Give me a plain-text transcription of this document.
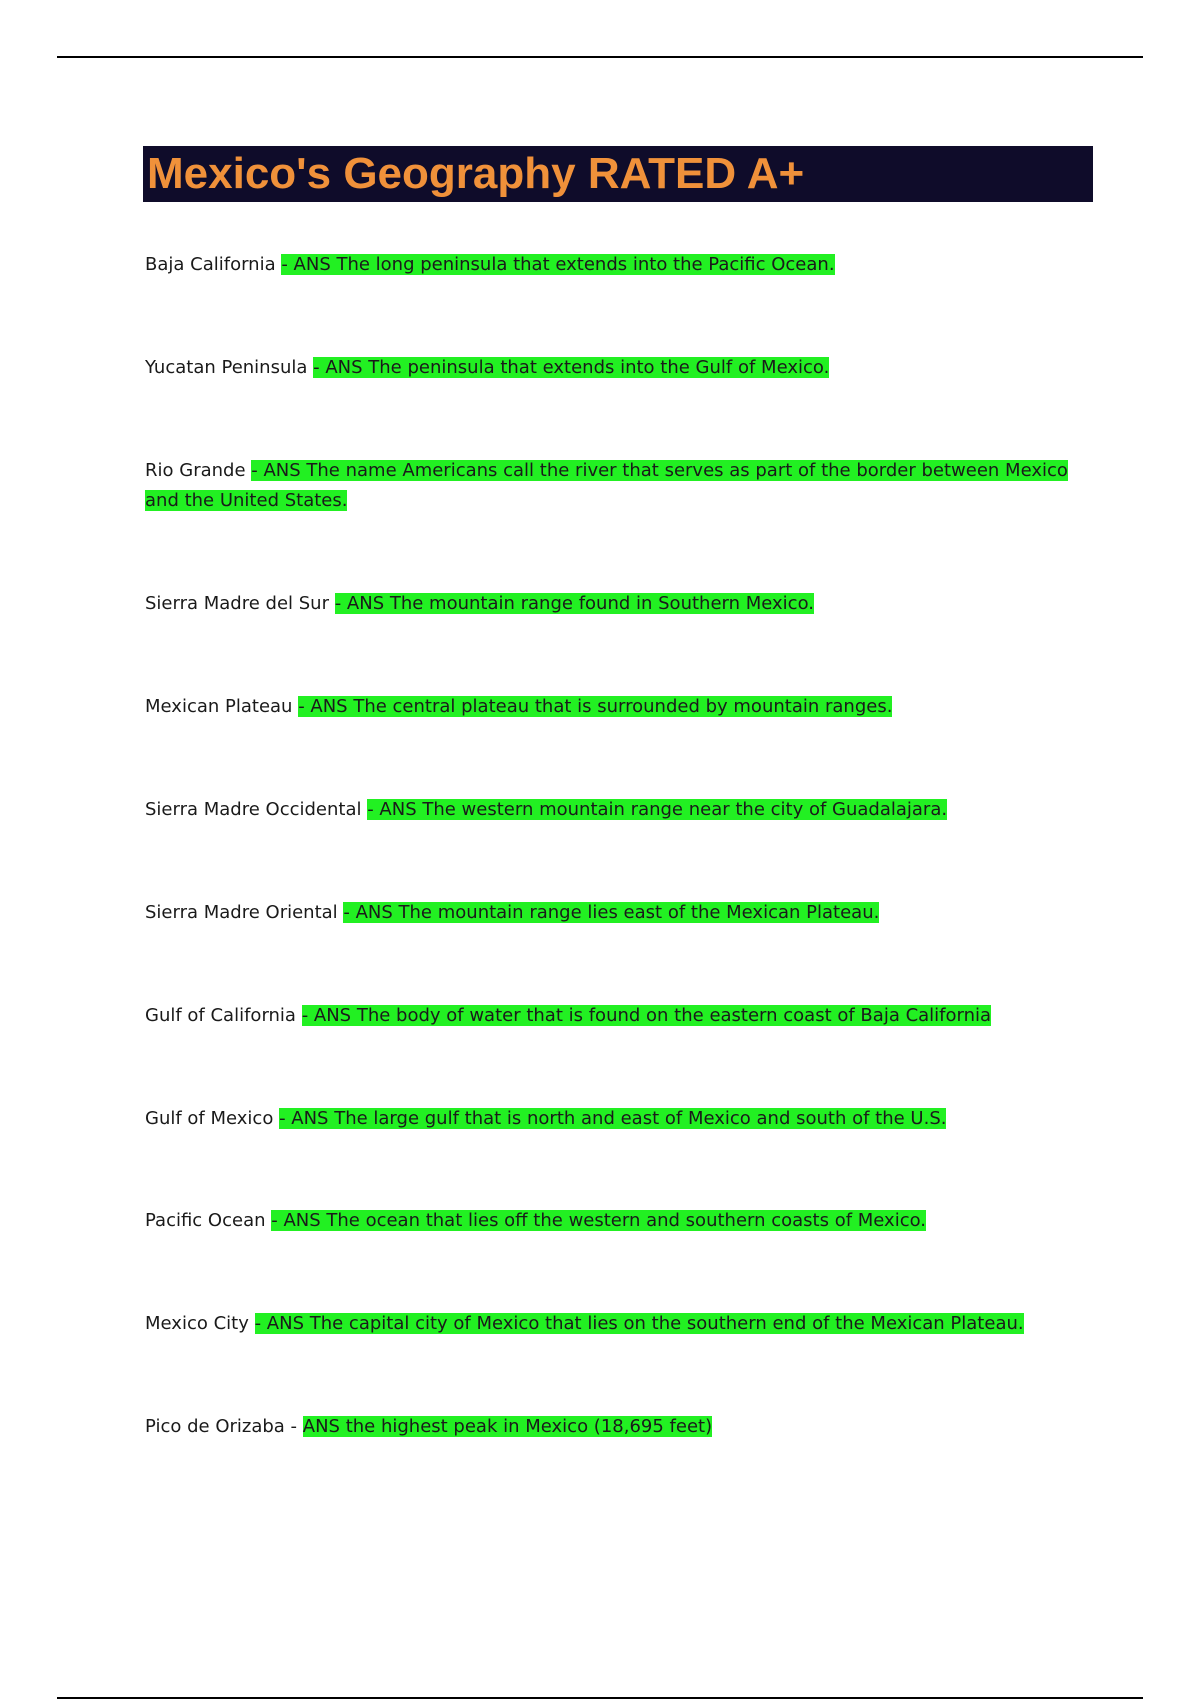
Mexico's Geography RATED A+
Baja California - ANS The long peninsula that extends into the Pacific Ocean.
Yucatan Peninsula - ANS The peninsula that extends into the Gulf of Mexico.
Rio Grande - ANS The name Americans call the river that serves as part of the border between Mexico and the United States.
Sierra Madre del Sur - ANS The mountain range found in Southern Mexico.
Mexican Plateau - ANS The central plateau that is surrounded by mountain ranges.
Sierra Madre Occidental - ANS The western mountain range near the city of Guadalajara.
Sierra Madre Oriental - ANS The mountain range lies east of the Mexican Plateau.
Gulf of California - ANS The body of water that is found on the eastern coast of Baja California
Gulf of Mexico - ANS The large gulf that is north and east of Mexico and south of the U.S.
Pacific Ocean - ANS The ocean that lies off the western and southern coasts of Mexico.
Mexico City - ANS The capital city of Mexico that lies on the southern end of the Mexican Plateau.
Pico de Orizaba - ANS the highest peak in Mexico (18,695 feet)
